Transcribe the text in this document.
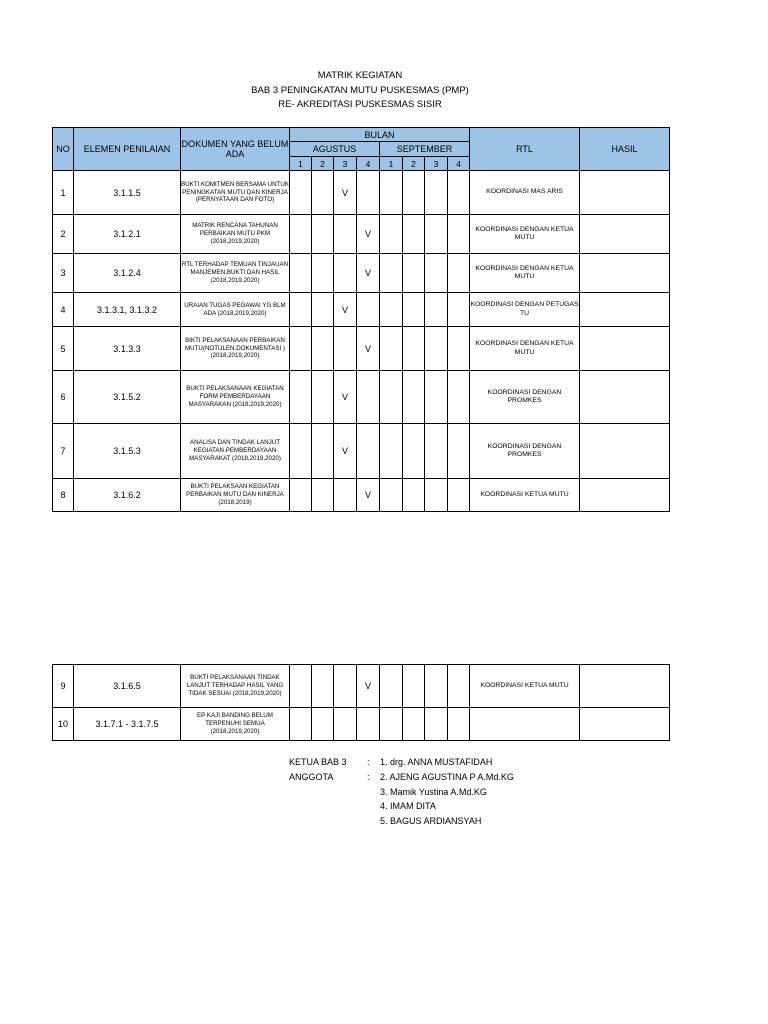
MATRIK KEGIATAN
BAB 3 PENINGKATAN MUTU PUSKESMAS (PMP)
RE- AKREDITASI PUSKESMAS SISIR
NO	ELEMEN PENILAIAN	DOKUMEN YANG BELUM ADA	BULAN								RTL	HASIL
			AGUSTUS				SEPTEMBER					
			1	2	3	4	1	2	3	4		
1	3.1.1.5	BUKTI KOMITMEN BERSAMA UNTUK PENINGKATAN MUTU DAN KINERJA (PERNYATAAN DAN FOTO)			V						KOORDINASI MAS ARIS	
2	3.1.2.1	MATRIK RENCANA TAHUNAN PERBAIKAN MUTU PKM (2018,2019,2020)				V					KOORDINASI DENGAN KETUA MUTU	
3	3.1.2.4	RTL TERHADAP TEMUAN TINJAUAN MANJEMEN,BUKTI DAN HASIL (2018,2019,2020)				V					KOORDINASI DENGAN KETUA MUTU	
4	3.1.3.1, 3.1.3.2	URAIAN TUGAS PEGAWAI YG BLM ADA (2018,2019,2020)			V						KOORDINASI DENGAN PETUGAS TU	
5	3.1.3.3	BIKTI PELAKSANAAN PERBAIKAN MUTU(NOTULEN,DOKUMENTASI )(2018,2019,2020)				V					KOORDINASI DENGAN KETUA MUTU	
6	3.1.5.2	BUKTI PELAKSANAAN KEGIATAN FORM PEMBERDAYAAN MASYARAKAN (2018,2019,2020)			V						KOORDINASI DENGAN PROMKES	
7	3.1.5.3	ANALISA DAN TINDAK LANJUT KEGIATAN PEMBERDAYAAN MASYARAKAT (2018,2019,2020)			V						KOORDINASI DENGAN PROMKES	
8	3.1.6.2	BUKTI PELAKSAAN KEGIATAN PERBAIKAN MUTU DAN KINERJA (2018,2019)				V					KOORDINASI KETUA MUTU	
9	3.1.6.5	BUKTI PELAKSANAAN TINDAK LANJUT TERHADAP HASIL YANG TIDAK SESUAI (2018,2019,2020)				V					KOORDINASI KETUA MUTU	
10	3.1.7.1 - 3.1.7.5	EP KAJI BANDING BELUM TERPENUHI SEMUA (2018,2019,2020)										
KETUA BAB 3	:	1. drg. ANNA MUSTAFIDAH
ANGGOTA	:	2. AJENG AGUSTINA P A.Md.KG
3. Mamik Yustina A.Md.KG
4. IMAM DITA
5. BAGUS ARDIANSYAH
